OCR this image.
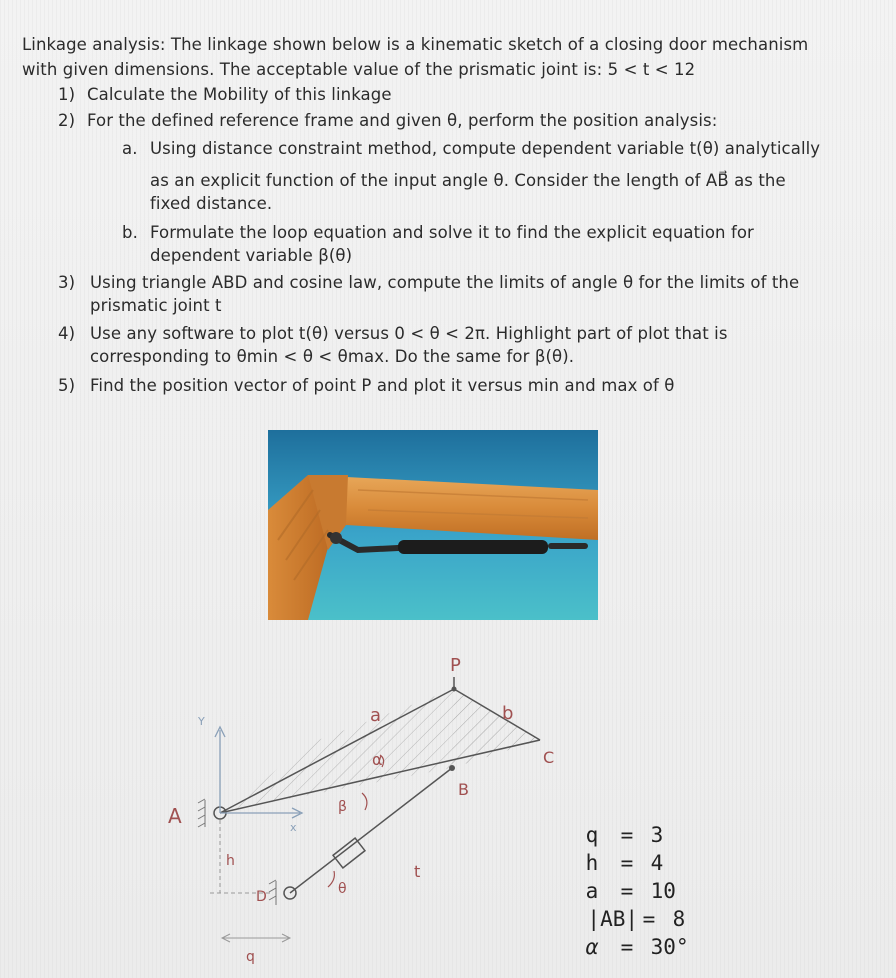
Linkage analysis: The linkage shown below is a kinematic sketch of a closing door mechanism
with given dimensions. The acceptable value of the prismatic joint is: 5 < t < 12
1) Calculate the Mobility of this linkage
2) For the defined reference frame and given θ, perform the position analysis:
a. Using distance constraint method, compute dependent variable t(θ) analytically
as an explicit function of the input angle θ. Consider the length of AB⃗ as the
fixed distance.
b. Formulate the loop equation and solve it to find the explicit equation for
dependent variable β(θ)
3) Using triangle ABD and cosine law, compute the limits of angle θ for the limits of the
prismatic joint t
4) Use any software to plot t(θ) versus 0 < θ < 2π. Highlight part of plot that is
corresponding to θmin < θ < θmax. Do the same for β(θ).
5) Find the position vector of point P and plot it versus min and max of θ
P
a	b
C
B
α
β
θ
A
D
h
t
q
x
Y
q = 3
h = 4
a = 10
|AB| = 8
α = 30°
